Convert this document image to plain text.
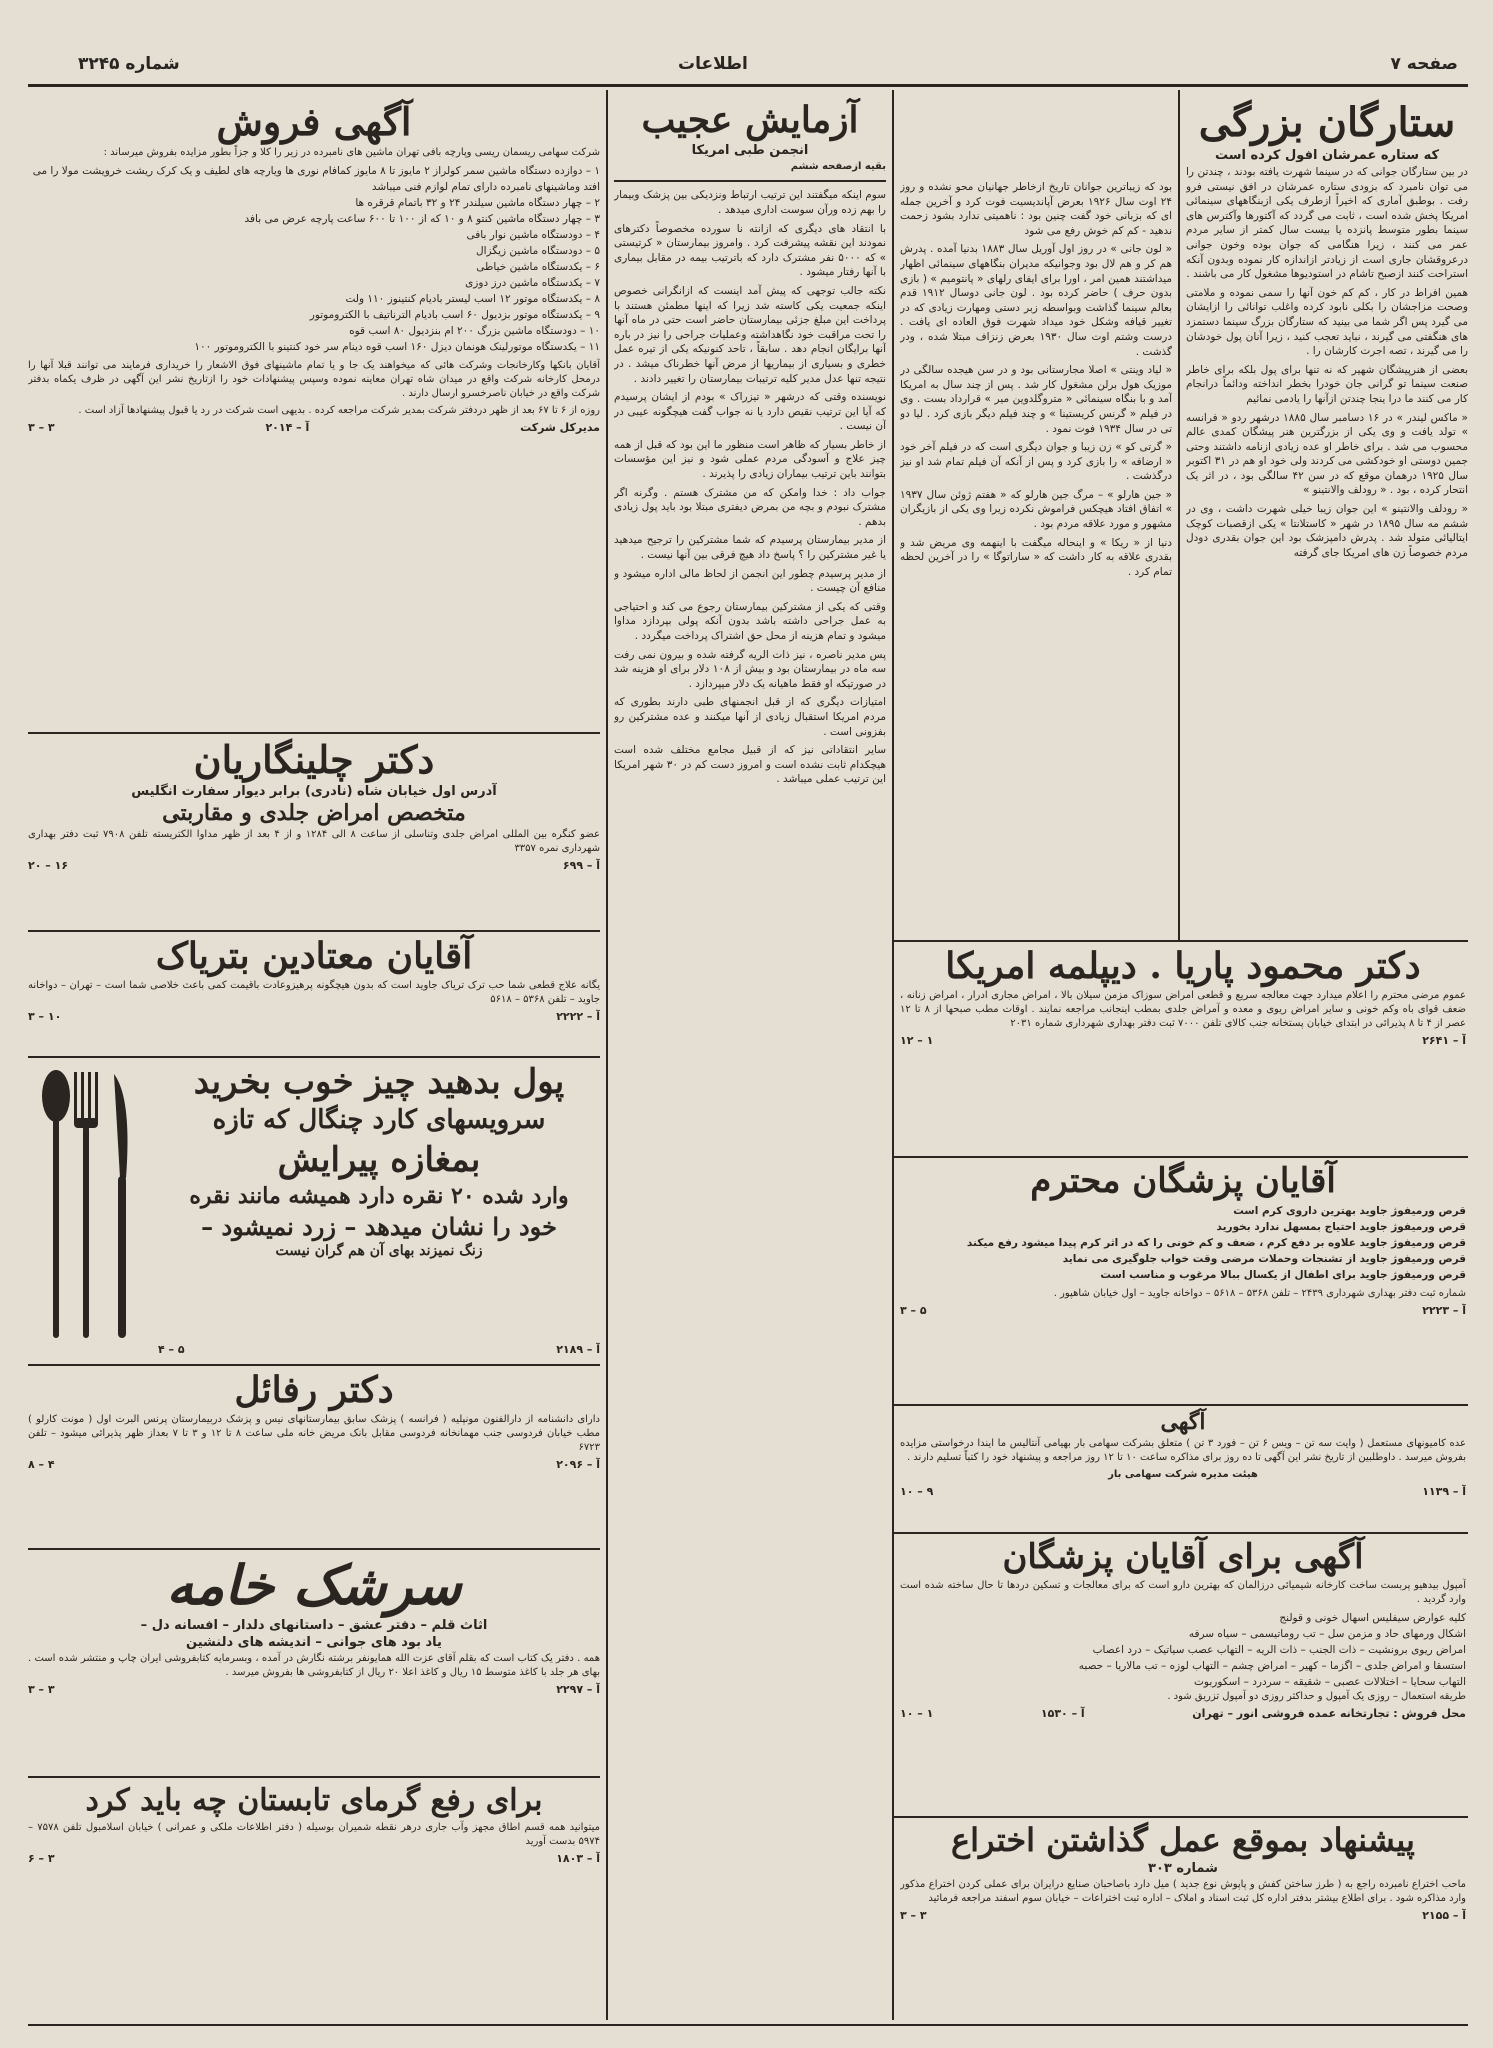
صفحه ۷
اطلاعات
شماره ۳۲۴۵
ستارگان بزرگی
که ستاره عمرشان افول کرده است

در بین ستارگان جوانی که در سینما شهرت یافته بودند ، چندتن را می توان نامبرد که بزودی ستاره عمرشان در افق نیستی فرو رفت . بوطبق آماری که اخیراً ازطرف یکی ازبنگاههای سینمائی امریکا پخش شده است ، ثابت می گردد که آکتورها وآکترس های سینما بطور متوسط پانزده یا بیست سال کمتر از سایر مردم عمر می کنند ، زیرا هنگامی که جوان بوده وخون جوانی درعروقشان جاری است از زیادتر ازاندازه کار نموده وبدون آنکه استراحت کنند ازصبح تاشام در استودیوها مشغول کار می باشند .

همین افراط در کار ، کم کم خون آنها را سمی نموده و ملامتی وصحت مزاجشان را بکلی نابود کرده واغلب توانائی را ازایشان می گیرد پس اگر شما می بینید که ستارگان بزرگ سینما دستمزد های هنگفتی می گیرند ، نباید تعجب کنید ، زیرا آنان پول خودشان را می گیرند ، تصه اجرت کارشان را .

بعضی از هنرپیشگان شهیر که نه تنها برای پول بلکه برای خاطر صنعت سینما تو گرانی جان خودرا بخطر انداخته ودائماً درانجام کار می کنند ما درا ینجا چندتن ازآنها را یادمی نمائیم

« ماکس لیندر » در ۱۶ دسامبر سال ۱۸۸۵ درشهر ردو « فرانسه » تولد یافت و وی یکی از بزرگترین هنر پیشگان کمدی عالم محسوب می شد . برای خاطر او عده زیادی ازنامه داشتند وحتی جمین دوستی او خودکشی می کردند ولی خود او هم در ۳۱ اکتوبر سال ۱۹۲۵ درهمان موقع که در سن ۴۲ سالگی بود ، در اثر یک انتحار کرده ، بود . « رودلف والانتینو »

« رودلف والانتینو » این جوان زیبا خیلی شهرت داشت ، وی در ششم مه سال ۱۸۹۵ در شهر « کاستلانتا » یکی ازقصبات کوچک ایتالیائی متولد شد . پدرش دامپزشک بود این جوان بقدری دودل مردم خصوصاً زن های امریکا جای گرفته

بود که زیباترین جوانان تاریخ ازخاطر جهانیان محو نشده و روز ۲۴ اوت سال ۱۹۲۶ بعرض آپاندیسیت فوت کرد و آخرین جمله ای که بزبانی خود گفت چنین بود : ناهمیتی ندارد بشود زحمت ندهید - کم کم خوش رفع می شود

« لون جانی » در روز اول آوریل سال ۱۸۸۳ بدنیا آمده . پدرش هم کر و هم لال بود وجوانیکه مدیران بنگاههای سینمائی اظهار میداشتند همین امر ، اورا برای ایفای رلهای « پانتومیم » ( بازی بدون حرف ) حاضر کرده بود . لون جانی دوسال ۱۹۱۲ قدم بعالم سینما گذاشت وبواسطه زبر دستی ومهارت زیادی که در تغییر قیافه وشکل خود میداد شهرت فوق العاده ای یافت . درست وشتم اوت سال ۱۹۳۰ بعرض زنزاف مبتلا شده ، ودر گذشت .

« لیاد وینتی » اصلا مجارستانی بود و در سن هیجده سالگی در موزیک هول برلن مشغول کار شد . پس از چند سال به امریکا آمد و با بنگاه سینمائی « متروگلدوین میر » قرارداد بست . وی در فیلم « گرنس کریستینا » و چند فیلم دیگر بازی کرد . لیا دو تی در سال ۱۹۳۴ فوت نمود .

« گرتی کو » زن زیبا و جوان دیگری است که در فیلم آخر خود « ارضافه » را بازی کرد و پس از آنکه آن فیلم تمام شد او نیز درگذشت .

« جین هارلو » – مرگ جین هارلو که « هفتم ژوئن سال ۱۹۳۷ » اتفاق افتاد هیچکس فراموش نکرده زیرا وی یکی از بازیگران مشهور و مورد علاقه مردم بود .

دنیا از « ریکا » و اینحاله میگفت با اینهمه وی مریض شد و بقدری علاقه به کار داشت که « ساراتوگا » را در آخرین لحظه تمام کرد .

آزمایش عجیب
انجمن طبی امریکا
بقیه ازصفحه ششم

سوم اینکه میگفتند این ترتیب ارتباط ونزدیکی بین پزشک وبیمار را بهم زده ورآن سوست اداری میدهد .

با انتقاد های دیگری که ازانته نا سورده مخصوصاً دکترهای نمودند این نقشه پیشرفت کرد . وامروز بیمارستان « کرتیستی » که ۵۰۰۰ نفر مشترک دارد که باترتیب بیمه در مقابل بیماری با آنها رفتار میشود .

نکته جالب توجهی که پیش آمد اینست که ازانگرانی خصوص اینکه جمعیت یکی کاسته شد زیرا که اینها مطمئن هستند با پرداخت این مبلغ جزئی بیمارستان حاضر است حتی در ماه آنها را تحت مراقبت خود نگاهداشته وعملیات جراحی را نیز در باره آنها برایگان انجام دهد . سابقاً ، تاحد کنونیکه یکی از تیره عمل خطری و بسیاری از بیماریها از مرض آنها خطرناک میشد . در نتیجه تنها عدل مدیر کلیه ترتیبات بیمارستان را تغییر دادند .

نویسنده وقتی که درشهر « تیزراک » بودم از ایشان پرسیدم که آیا این ترتیب نقیص دارد یا نه جواب گفت هیچگونه عیبی در آن نیست .

از خاطر بسیار که ظاهر است منظور ما این بود که قبل از همه چیز علاج و آسودگی مردم عملی شود و نیز این مؤسسات بتوانند باین ترتیب بیماران زیادی را پذیرند .

جواب داد : خدا وامکن که من مشترک هستم . وگرنه اگر مشترک نبودم و بچه من بمرض دیفتری مبتلا بود باید پول زیادی بدهم .

از مدیر بیمارستان پرسیدم که شما مشترکین را ترجیح میدهید یا غیر مشترکین را ؟ پاسخ داد هیچ فرقی بین آنها نیست .

از مدیر پرسیدم چطور این انجمن از لحاظ مالی اداره میشود و منافع آن چیست .

وقتی که یکی از مشترکین بیمارستان رجوع می کند و احتیاجی به عمل جراحی داشته باشد بدون آنکه پولی بپردازد مداوا میشود و تمام هزینه از محل حق اشتراک پرداخت میگردد .

پس مدیر ناصره ، نیز ذات الریه گرفته شده و بیرون نمی رفت سه ماه در بیمارستان بود و بیش از ۱۰۸ دلار برای او هزینه شد در صورتیکه او فقط ماهیانه یک دلار میپردازد .

امتیازات دیگری که از قبل انجمنهای طبی دارند بطوری که مردم امریکا استقبال زیادی از آنها میکنند و عده مشترکین رو بفزونی است .

سایر انتقاداتی نیز که از قبیل مجامع مختلف شده است هیچکدام ثابت نشده است و امروز دست کم در ۳۰ شهر امریکا این ترتیب عملی میباشد .

آگهی فروش

شرکت سهامی ریسمان ریسی وپارچه بافی تهران ماشین های نامبرده در زیر را کلا و جزاً بطور مزایده بفروش میرساند :

۱ – دوازده دستگاه ماشین سمر کولراز ۲ مایوز تا ۸ مایوز کمافام نوری ها ویارچه های لطیف و یک کرک ریشت خرویشت مولا را می افتد وماشینهای نامبرده دارای تمام لوازم فنی میباشد

۲ – چهار دستگاه ماشین سیلندر ۲۴ و ۳۲ باتمام قرقره ها

۳ – چهار دستگاه ماشین کنتو ۸ و ۱۰ که از ۱۰۰ تا ۶۰۰ ساعت پارچه عرض می بافد

۴ – دودستگاه ماشین نوار بافی

۵ – دودستگاه ماشین زیگزال

۶ – یکدستگاه ماشین خیاطی

۷ – یکدستگاه ماشین درز دوزی

۸ – یکدستگاه موتور ۱۲ اسب لیستر باديام کنتینوز ۱۱۰ ولت

۹ – یکدستگاه موتور بزدیول ۶۰ اسب باديام الترناتیف با الکتروموتور

۱۰ – دودستگاه ماشین بزرگ ۲۰۰ ام بنزدیول ۸۰ اسب قوه

۱۱ – یکدستگاه موتورلینک هونمان دیزل ۱۶۰ اسب قوه دینام سر خود کنتینو با الکتروموتور ۱۰۰

آقایان بانکها وکارخانجات وشرکت هائی که میخواهند یک جا و یا تمام ماشینهای فوق الاشعار را خریداری فرمایند می توانند قبلا آنها را درمحل کارخانه شرکت واقع در میدان شاه تهران معاینه نموده وسپس پیشنهادات خود را ازتاریخ نشر این آگهی در ظرف یکماه بدفتر شرکت واقع در خیابان ناصرخسرو ارسال دارند .

روزه از ۶ تا ۶۷ بعد از ظهر دردفتر شرکت بمدیر شرکت مراجعه کرده . بدیهی است شرکت در رد یا قبول پیشنهادها آزاد است .

مدیرکل شرکت
آ – ۲۰۱۴
۳ – ۳
دکتر چلینگاریان
آدرس اول خیابان شاه (نادری) برابر دیوار سفارت انگلیس
متخصص امراض جلدی و مقاربتی

عضو کنگره بین المللی امراض جلدی وتناسلی از ساعت ۸ الی ۱۲۸۴ و از ۴ بعد از ظهر مداوا الکتریسته تلفن ۷۹۰۸ ثبت دفتر بهداری شهرداری نمره ۳۳۵۷

آ – ۶۹۹
۱۶ – ۲۰
آقایان معتادین بتریاک

یگانه علاج قطعی شما حب ترک تریاک جاوید است که بدون هیچگونه پرهیزوعادت باقیمت کمی باعث خلاصی شما است – تهران – دواخانه جاوید – تلفن ۵۳۶۸ – ۵۶۱۸

آ – ۲۲۲۲
۱۰ – ۳
پول بدهید چیز خوب بخرید
سرویسهای کارد چنگال که تازه
بمغازه پیرایش
وارد شده ۲۰ نقره دارد همیشه مانند نقره
خود را نشان میدهد – زرد نمیشود –
زنگ نمیزند بهای آن هم گران نیست
آ – ۲۱۸۹
۵ – ۴
دکتر رفائل

دارای دانشنامه از دارالفنون مونپلیه ( فرانسه ) پزشک سابق بیمارستانهای نیس و پزشک دربیمارستان پرنس البرت اول ( مونت کارلو ) مطب خیابان فردوسی جنب مهمانخانه فردوسی مقابل بانک مریض خانه ملی ساعت ۸ تا ۱۲ و ۳ تا ۷ بعداز ظهر پذیرائی میشود – تلفن ۶۷۲۳

آ – ۲۰۹۶
۴ – ۸
سرشک خامه
اثاث قلم – دفتر عشق – داستانهای دلدار – افسانه دل –
یاد بود های جوانی – اندیشه های دلنشین

همه . دفتر یک کتاب است که بقلم آقای عزت الله همایونفر برشته نگارش در آمده ، وبسرمایه کتابفروشی ایران چاپ و منتشر شده است . بهای هر جلد با کاغذ متوسط ۱۵ ریال و کاغذ اعلا ۲۰ ریال از کتابفروشی ها بفروش میرسد .

آ – ۲۲۹۷
۳ – ۳
برای رفع گرمای تابستان چه باید کرد

میتوانید همه قسم اطاق مجهز وآب جاری درهر نقطه شمیران بوسیله ( دفتر اطلاعات ملکی و عمرانی ) خیابان اسلامبول تلفن ۷۵۷۸ – ۵۹۷۴ بدست آورید

آ – ۱۸۰۳
۳ – ۶
دکتر محمود پاریا . دیپلمه امریکا

عموم مرضی محترم را اعلام میدارد جهت معالجه سریع و قطعی امراض سوزاک مزمن سیلان بالا ، امراض مجاری ادرار ، امراض زنانه ، ضعف قوای باه وکم خونی و سایر امراض ریوی و معده و آمراض جلدی بمطب اینجانب مراجعه نمایند . اوقات مطب صبحها از ۸ تا ۱۲ عصر از ۴ تا ۸ پذیرائی در ابتدای خیابان پستخانه جنب کالای تلفن ۷۰۰۰ ثبت دفتر بهداری شهرداری شماره ۲۰۳۱

آ – ۲۶۴۱
۱ – ۱۲
آقایان پزشگان محترم

قرص ورمیفوژ جاوید بهترین داروی کرم است

قرص ورمیفوژ جاوید احتیاج بمسهل ندارد بخورید

قرص ورمیفوژ جاوید علاوه بر دفع کرم ، ضعف و کم خونی را که در اثر کرم پیدا میشود رفع میکند

قرص ورمیفوژ جاوید از تشنجات وحملات مرضی وقت خواب جلوگیری می نماید

قرص ورمیفوژ جاوید برای اطفال از یکسال ببالا مرغوب و مناسب است

شماره ثبت دفتر بهداری شهرداری ۲۴۳۹ – تلفن ۵۳۶۸ – ۵۶۱۸ – دواخانه جاوید – اول خیابان شاهپور .

آ – ۲۲۲۳
۵ – ۳
آگهی

عده کامیونهای مستعمل ( وایت سه تن – ویس ۶ تن – فورد ۳ تن ) متعلق بشرکت سهامی بار بهیامی آنتالیس ما ایندا درخواستی مزایده بفروش میرسد . داوطلبین از تاریخ نشر این آگهی تا ده روز برای مذاکره ساعت ۱۰ تا ۱۲ روز مراجعه و پیشنهاد خود را کتباً تسلیم دارند .

هیئت مدیره شرکت سهامی بار

آ – ۱۱۳۹
۹ – ۱۰
آگهی برای آقایان پزشگان

آمپول بیدهیو پربست ساخت کارخانه شیمیائی درزالمان که بهترین دارو است که برای معالجات و تسکین دردها تا حال ساخته شده است وارد گردید .

کلیه عوارض سیفلیس اسهال خونی و قولنج

اشکال ورمهای حاد و مزمن سل – تب روماتیسمی – سیاه سرفه

امراض ریوی برونشیت – ذات الجنب – ذات الریه – التهاب عصب سیاتیک – درد اعصاب

استسقا و امراض جلدی – اگزما – کهیر – امراض چشم – التهاب لوزه – تب مالاریا – حصبه

التهاب سحایا – اختلالات عصبی – شقیقه – سردرد – اسکوربوت

طریقه استعمال – روزی یک آمپول و حداکثر روزی دو آمپول تزریق شود .

محل فروش : تجارتخانه عمده فروشی انور – تهران
آ – ۱۵۳۰
۱ – ۱۰
پیشنهاد بموقع عمل گذاشتن اختراع
شماره ۳۰۳

ماحب اختراع نامبرده راجع به ( طرز ساختن کفش و پاپوش نوع جدید ) میل دارد باصاحبان صنایع درایران برای عملی کردن اختراع مذکور وارد مذاکره شود . برای اطلاع بیشتر بدفتر اداره کل ثبت اسناد و املاک – اداره ثبت اختراعات – خیابان سوم اسفند مراجعه فرمائید

آ – ۲۱۵۵
۳ – ۳
